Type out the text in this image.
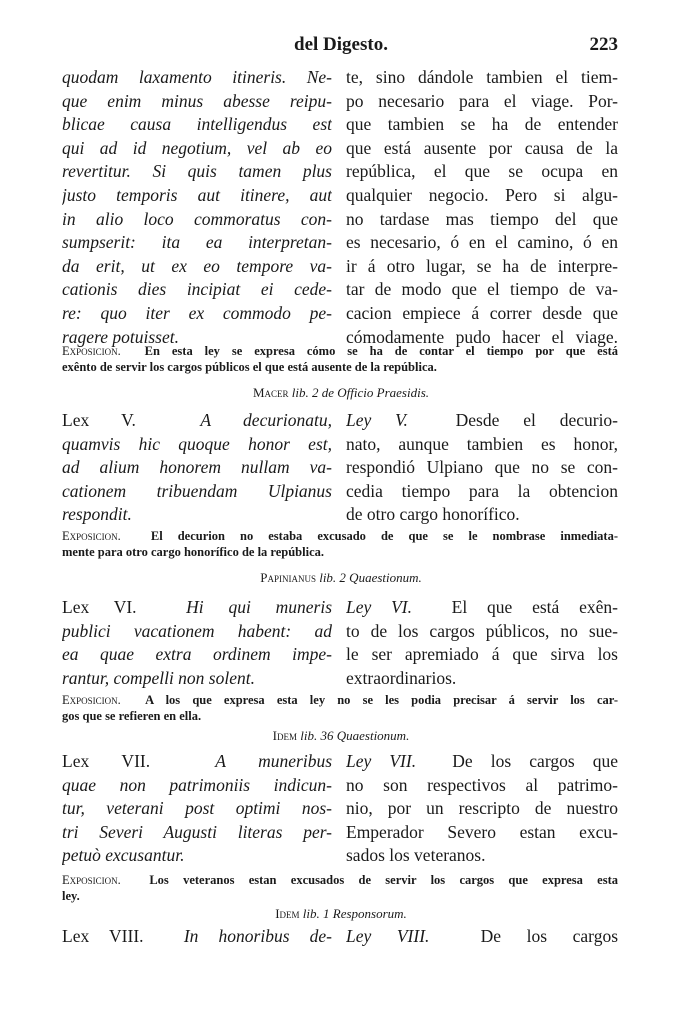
del Digesto.	223
quodam laxamento itineris. Ne-
que enim minus abesse reipu-
blicae causa intelligendus est
qui ad id negotium, vel ab eo
revertitur. Si quis tamen plus
justo temporis aut itinere, aut
in alio loco commoratus con-
sumpserit: ita ea interpretan-
da erit, ut ex eo tempore va-
cationis dies incipiat ei cede-
re: quo iter ex commodo pe-
ragere potuisset.
te, sino dándole tambien el tiem-
po necesario para el viage. Por-
que tambien se ha de entender
que está ausente por causa de la
república, el que se ocupa en
qualquier negocio. Pero si algu-
no tardase mas tiempo del que
es necesario, ó en el camino, ó en
ir á otro lugar, se ha de interpre-
tar de modo que el tiempo de va-
cacion empiece á correr desde que
cómodamente pudo hacer el viage.
Exposicion. En esta ley se expresa cómo se ha de contar el tiempo por que está
exênto de servir los cargos públicos el que está ausente de la república.
Macer lib. 2 de Officio Praesidis.
Lex V.	A decurionatu,
quamvis hic quoque honor est,
ad alium honorem nullam va-
cationem tribuendam Ulpianus
respondit.
Ley V.	Desde el decurio-
nato, aunque tambien es honor,
respondió Ulpiano que no se con-
cedia tiempo para la obtencion
de otro cargo honorífico.
Exposicion. El decurion no estaba excusado de que se le nombrase inmediata-
mente para otro cargo honorífico de la república.
Papinianus lib. 2 Quaestionum.
Lex VI.	Hi qui muneris
publici vacationem habent: ad
ea quae extra ordinem impe-
rantur, compelli non solent.
Ley VI. El que está exên-
to de los cargos públicos, no sue-
le ser apremiado á que sirva los
extraordinarios.
Exposicion. A los que expresa esta ley no se les podia precisar á servir los car-
gos que se refieren en ella.
Idem lib. 36 Quaestionum.
Lex VII.	A muneribus
quae non patrimoniis indicun-
tur, veterani post optimi nos-
tri Severi Augusti literas per-
petuò excusantur.
Ley VII. De los cargos que
no son respectivos al patrimo-
nio, por un rescripto de nuestro
Emperador Severo estan excu-
sados los veteranos.
Exposicion. Los veteranos estan excusados de servir los cargos que expresa esta
ley.
Idem lib. 1 Responsorum.
Lex VIII. In honoribus de- Ley VIII.	De los cargos
